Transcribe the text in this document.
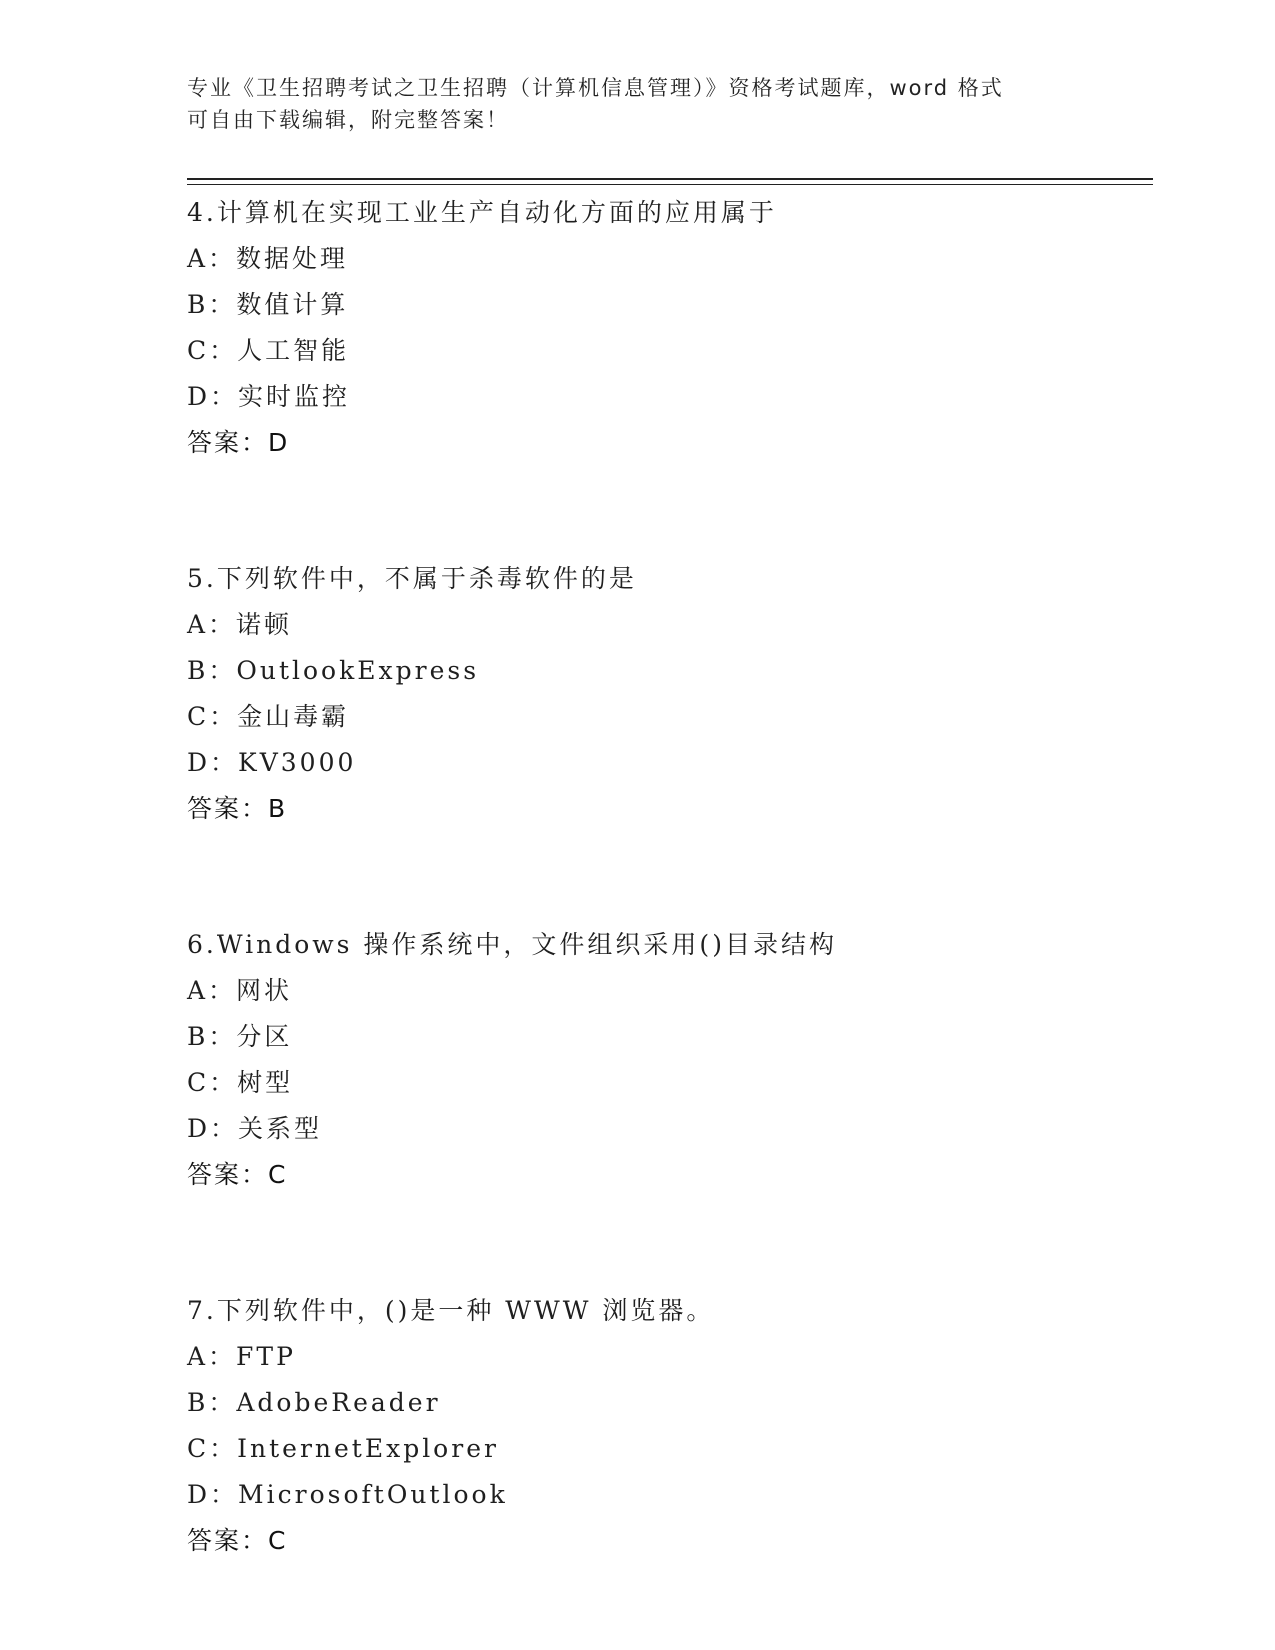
专业《卫生招聘考试之卫生招聘（计算机信息管理）》资格考试题库，word 格式
可自由下载编辑，附完整答案！
4.计算机在实现工业生产自动化方面的应用属于
A：数据处理
B：数值计算
C：人工智能
D：实时监控
答案：D
5.下列软件中，不属于杀毒软件的是
A：诺顿
B：OutlookExpress
C：金山毒霸
D：KV3000
答案：B
6.Windows 操作系统中，文件组织采用()目录结构
A：网状
B：分区
C：树型
D：关系型
答案：C
7.下列软件中，()是一种 WWW 浏览器。
A：FTP
B：AdobeReader
C：InternetExplorer
D：MicrosoftOutlook
答案：C
